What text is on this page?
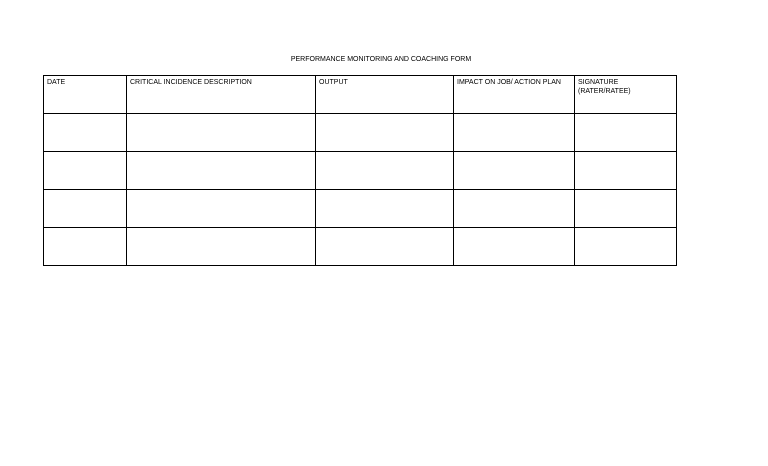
PERFORMANCE MONITORING AND COACHING FORM
DATE	CRITICAL INCIDENCE DESCRIPTION	OUTPUT	IMPACT ON JOB/ ACTION PLAN	SIGNATURE
(RATER/RATEE)
